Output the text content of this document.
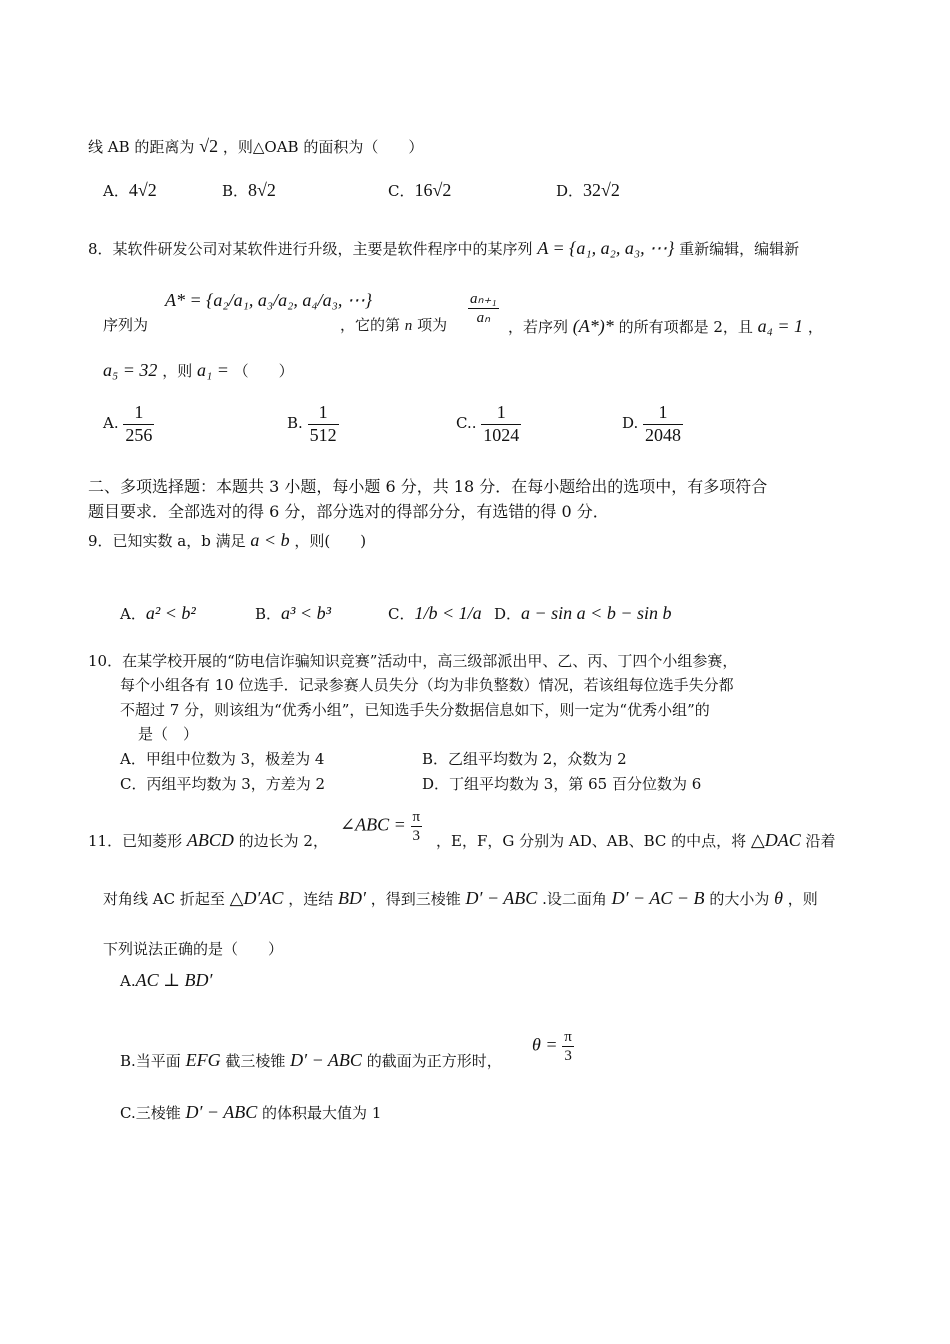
线 AB 的距离为 √2 ，则△OAB 的面积为（　　）
A．4√2	B．8√2	C．16√2	D．32√2
8．某软件研发公司对某软件进行升级，主要是软件程序中的某序列 A = {a₁, a₂, a₃, ⋯} 重新编辑，编辑新
序列为
A* = {a₂/a₁, a₃/a₂, a₄/a₃, ⋯}
，它的第 n 项为 $\frac{\text{aₙ₊₁}}{\text{aₙ}}$ ，若序列 (A*)* 的所有项都是 2，且 a₄ = 1 ，
a₅ = 32 ，则 a₁ = （　　）
A. $\frac{1}{256}$	B. $\frac{1}{512}$	C.. $\frac{1}{1024}$	D. $\frac{1}{2048}$
二、多项选择题：本题共 3 小题，每小题 6 分，共 18 分．在每小题给出的选项中，有多项符合
题目要求．全部选对的得 6 分，部分选对的得部分分，有选错的得 0 分．
9．已知实数 a，b 满足 a < b ，则(　　)
A．a² < b²	B．a³ < b³	C．1/b < 1/a D．a − sin a < b − sin b
10．在某学校开展的“防电信诈骗知识竞赛”活动中，高三级部派出甲、乙、丙、丁四个小组参赛，
每个小组各有 10 位选手．记录参赛人员失分（均为非负整数）情况，若该组每位选手失分都
不超过 7 分，则该组为“优秀小组”，已知选手失分数据信息如下，则一定为“优秀小组”的
是（　）
A．甲组中位数为 3，极差为 4	B．乙组平均数为 2，众数为 2
C．丙组平均数为 3，方差为 2	D．丁组平均数为 3，第 65 百分位数为 6
11．已知菱形 ABCD 的边长为 2，
∠ABC = $\frac{\pi}{3}$ ，E，F，G 分别为 AD、AB、BC 的中点，将 △DAC 沿着
对角线 AC 折起至 △D′AC ，连结 BD′ ，得到三棱锥 D′ − ABC .设二面角 D′ − AC − B 的大小为 θ ，则
下列说法正确的是（　　）
A.AC ⊥ BD′
B.当平面 EFG 截三棱锥 D′ − ABC 的截面为正方形时，
$\theta = \frac{\pi}{3}$
C.三棱锥 D′ − ABC 的体积最大值为 1
